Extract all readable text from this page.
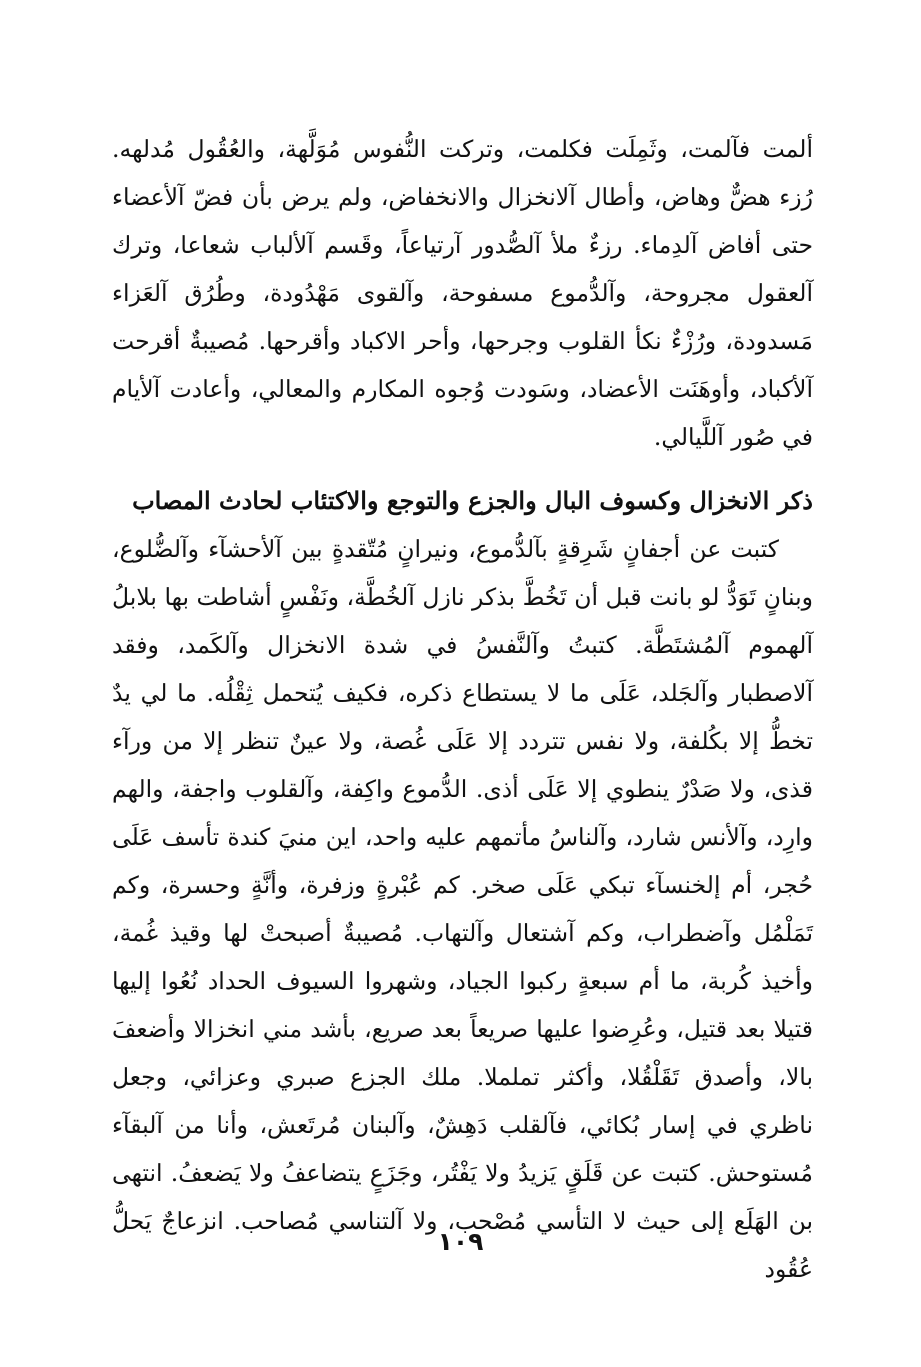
ألمت فآلمت، وثَمِلَت فكلمت، وتركت النُّفوس مُوَلَّهة، والعُقُول مُدلهه. رُزء هضٌّ وهاض، وأطال آلانخزال والانخفاض، ولم يرض بأن فضّ آلأعضاء حتى أفاض آلدِماء. رزءٌ ملأ آلصُّدور آرتياعاً، وقَسم آلألباب شعاعا، وترك آلعقول مجروحة، وآلدُّموع مسفوحة، وآلقوى مَهْدُودة، وطُرُق آلعَزاء مَسدودة، ورُزْءٌ نكأ القلوب وجرحها، وأحر الاكباد وأقرحها. مُصيبةٌ أقرحت آلأكباد، وأوهَنَت الأعضاد، وسَودت وُجوه المكارم والمعالي، وأعادت آلأيام في صُور آللَّيالي.

ذكر الانخزال وكسوف البال والجزع والتوجع والاكتئاب لحادث المصاب

كتبت عن أجفانٍ شَرِقةٍ بآلدُّموع، ونيرانٍ مُتّقدةٍ بين آلأحشآء وآلضُّلوع، وبنانٍ تَوَدُّ لو بانت قبل أن تَخُطَّ بذكر نازل آلخُطَّة، ونَفْسٍ أشاطت بها بلابلُ آلهموم آلمُشتَطَّة. كتبتُ وآلنَّفسُ في شدة الانخزال وآلكَمد، وفقد آلاصطبار وآلجَلد، عَلَى ما لا يستطاع ذكره، فكيف يُتحمل ثِقْلُه. ما لي يدٌ تخطُّ إلا بكُلفة، ولا نفس تتردد إلا عَلَى غُصة، ولا عينٌ تنظر إلا من ورآء قذى، ولا صَدْرٌ ينطوي إلا عَلَى أذى. الدُّموع واكِفة، وآلقلوب واجفة، والهم وارِد، وآلأنس شارد، وآلناسُ مأتمهم عليه واحد، اين منيَ كندة تأسف عَلَى حُجر، أم إلخنسآء تبكي عَلَى صخر. كم عُبْرةٍ وزفرة، وأنَّةٍ وحسرة، وكم تَمَلْمُل وآضطراب، وكم آشتعال وآلتهاب. مُصيبةٌ أصبحتْ لها وقيذ غُمة، وأخيذ كُربة، ما أم سبعةٍ ركبوا الجياد، وشهروا السيوف الحداد نُعُوا إليها قتيلا بعد قتيل، وعُرِضوا عليها صريعاً بعد صريع، بأشد مني انخزالا وأضعفَ بالا، وأصدق تَقَلْقُلا، وأكثر تململا. ملك الجزع صبري وعزائي، وجعل ناظري في إسار بُكائي، فآلقلب دَهِشٌ، وآلبنان مُرتَعش، وأنا من آلبقآء مُستوحش. كتبت عن قَلَقٍ يَزيدُ ولا يَفْتُر، وجَزَعٍ يتضاعفُ ولا يَضعفُ. انتهى بن الهَلَع إلى حيث لا التأسي مُصْحب، ولا آلتناسي مُصاحب. انزعاجٌ يَحلُّ عُقُود

١٠٩
